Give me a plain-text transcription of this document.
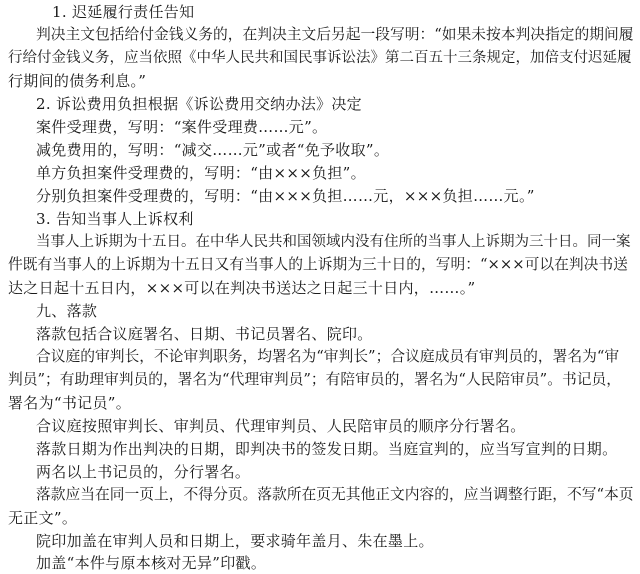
1. 迟延履行责任告知
判决主文包括给付金钱义务的，在判决主文后另起一段写明：“如果未按本判决指定的期间履
行给付金钱义务，应当依照《中华人民共和国民事诉讼法》第二百五十三条规定，加倍支付迟延履
行期间的债务利息。”
2. 诉讼费用负担根据《诉讼费用交纳办法》决定
案件受理费，写明：“案件受理费……元”。
减免费用的，写明：“减交……元”或者“免予收取”。
单方负担案件受理费的，写明：“由×××负担”。
分别负担案件受理费的，写明：“由×××负担……元，×××负担……元。”
3. 告知当事人上诉权利
当事人上诉期为十五日。在中华人民共和国领域内没有住所的当事人上诉期为三十日。同一案
件既有当事人的上诉期为十五日又有当事人的上诉期为三十日的，写明：“×××可以在判决书送
达之日起十五日内，×××可以在判决书送达之日起三十日内，……。”
九、落款
落款包括合议庭署名、日期、书记员署名、院印。
合议庭的审判长，不论审判职务，均署名为“审判长”；合议庭成员有审判员的，署名为“审
判员”；有助理审判员的，署名为“代理审判员”；有陪审员的，署名为“人民陪审员”。书记员，
署名为“书记员”。
合议庭按照审判长、审判员、代理审判员、人民陪审员的顺序分行署名。
落款日期为作出判决的日期，即判决书的签发日期。当庭宣判的，应当写宣判的日期。
两名以上书记员的，分行署名。
落款应当在同一页上，不得分页。落款所在页无其他正文内容的，应当调整行距，不写“本页
无正文”。
院印加盖在审判人员和日期上，要求骑年盖月、朱在墨上。
加盖“本件与原本核对无异”印戳。
